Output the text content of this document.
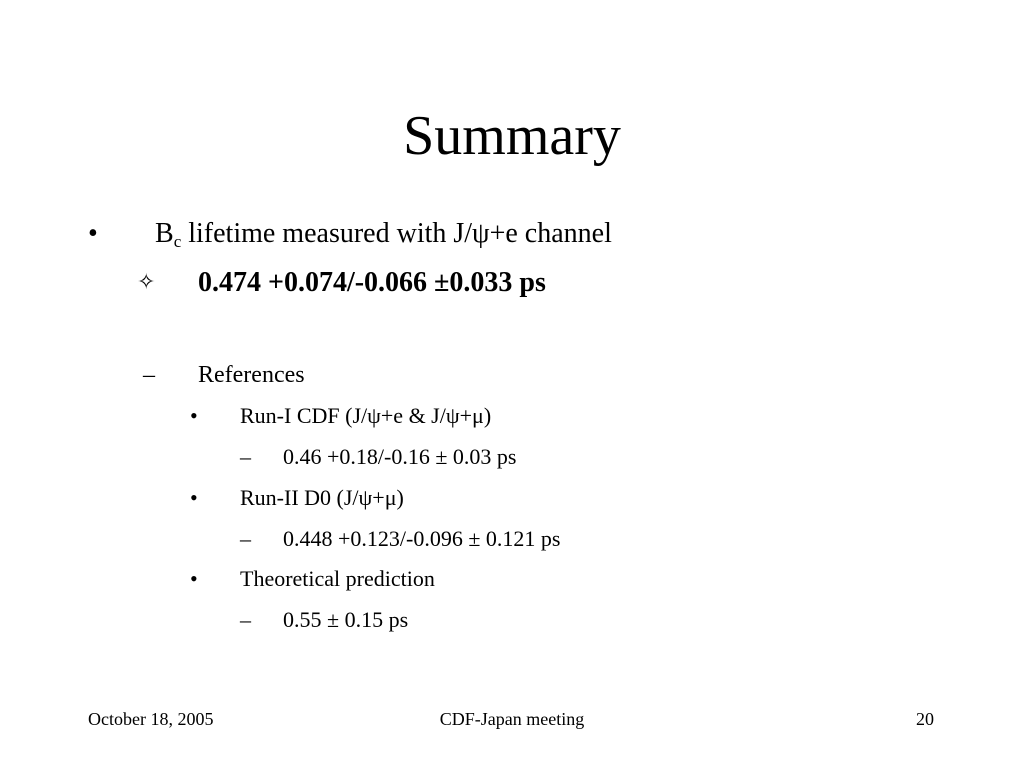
Summary
• $B_c$ lifetime measured with J/ψ+e channel
✧ 0.474 +0.074/-0.066 ±0.033 ps
– References
• Run-I CDF (J/ψ+e & J/ψ+μ)
– 0.46 +0.18/-0.16 ± 0.03 ps
• Run-II D0 (J/ψ+μ)
– 0.448 +0.123/-0.096 ± 0.121 ps
• Theoretical prediction
– 0.55 ± 0.15 ps
October 18, 2005	CDF-Japan meeting	20
